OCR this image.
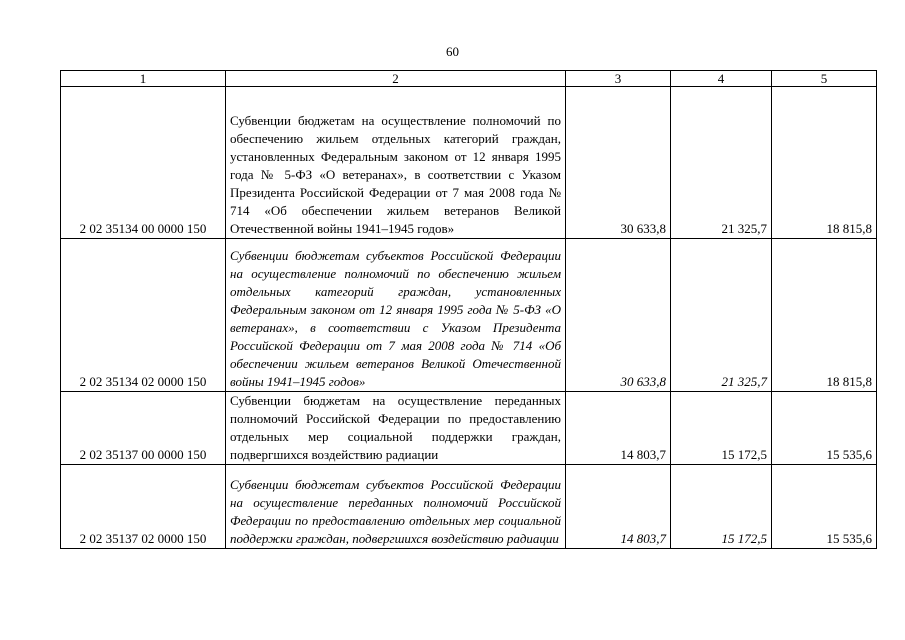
60
1	2	3	4	5
2 02 35134 00 0000 150	Субвенции бюджетам на осуществление полномочий по обеспечению жильем отдельных категорий граждан, установленных Федеральным законом от 12 января 1995 года № 5-ФЗ «О ветеранах», в соответствии с Указом Президента Российской Федерации от 7 мая 2008 года № 714 «Об обеспечении жильем ветеранов Великой Отечественной войны 1941–1945 годов»	30 633,8	21 325,7	18 815,8
2 02 35134 02 0000 150	Субвенции бюджетам субъектов Российской Федерации на осуществление полномочий по обеспечению жильем отдельных категорий граждан, установленных Федеральным законом от 12 января 1995 года № 5-ФЗ «О ветеранах», в соответствии с Указом Президента Российской Федерации от 7 мая 2008 года № 714 «Об обеспечении жильем ветеранов Великой Отечественной войны 1941–1945 годов»	30 633,8	21 325,7	18 815,8
2 02 35137 00 0000 150	Субвенции бюджетам на осуществление переданных полномочий Российской Федерации по предоставлению отдельных мер социальной поддержки граждан, подвергшихся воздействию радиации	14 803,7	15 172,5	15 535,6
2 02 35137 02 0000 150	Субвенции бюджетам субъектов Российской Федерации на осуществление переданных полномочий Российской Федерации по предоставлению отдельных мер социальной поддержки граждан, подвергшихся воздействию радиации	14 803,7	15 172,5	15 535,6
